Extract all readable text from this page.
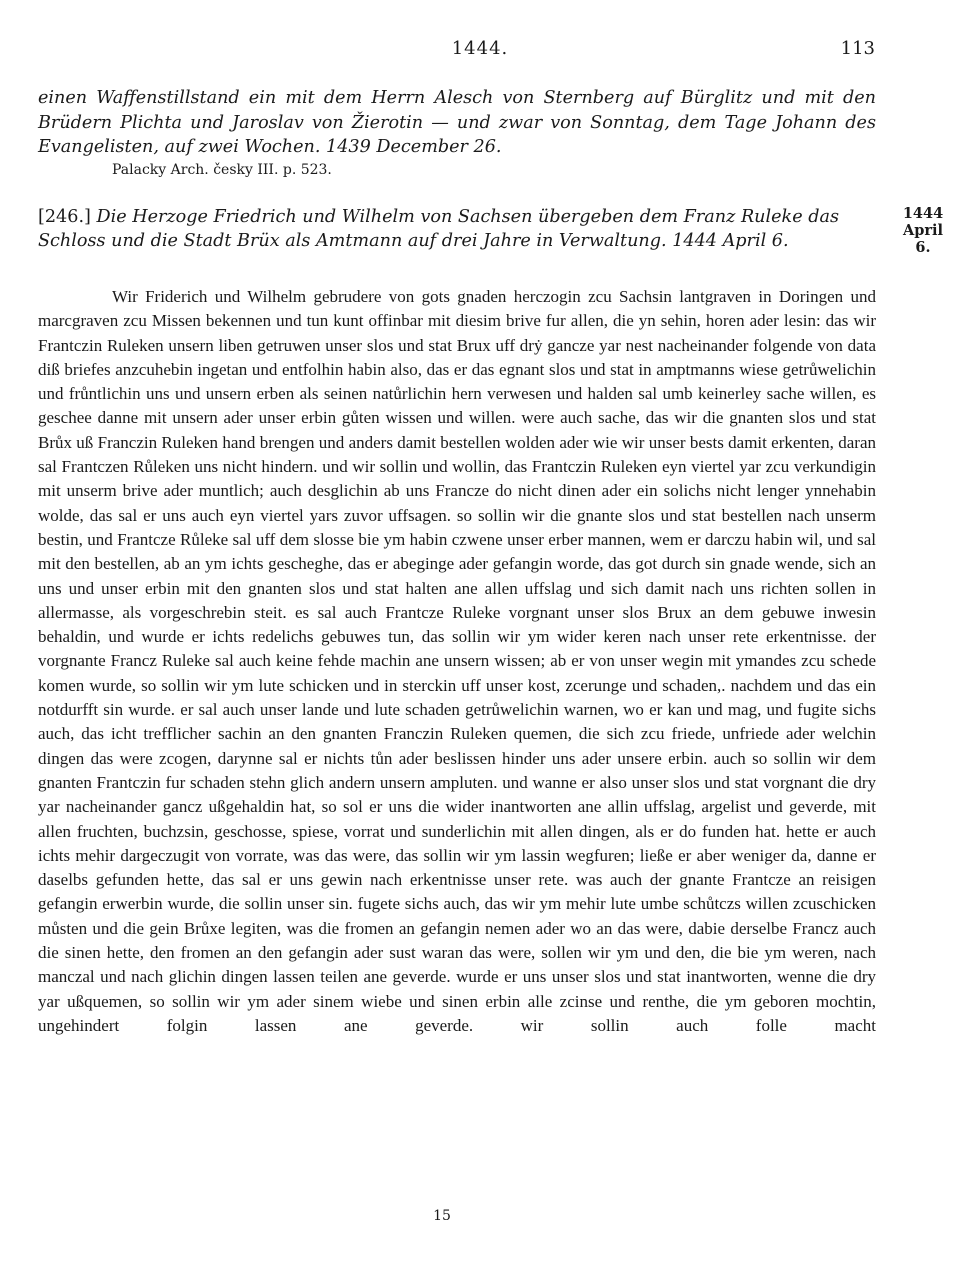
1444.	113
einen Waffenstillstand ein mit dem Herrn Alesch von Sternberg auf Bürglitz und mit den Brüdern Plichta und Jaroslav von Žierotin — und zwar von Sonntag, dem Tage Johann des Evangelisten, auf zwei Wochen. 1439 December 26.
Palacky Arch. česky III. p. 523.
[246.] Die Herzoge Friedrich und Wilhelm von Sachsen übergeben dem Franz Ruleke das Schloss und die Stadt Brüx als Amtmann auf drei Jahre in Verwaltung. 1444 April 6.
1444 April 6.

Wir Friderich und Wilhelm gebrudere von gots gnaden herczogin zcu Sachsin lantgraven in Doringen und marcgraven zcu Missen bekennen und tun kunt offinbar mit diesim brive fur allen, die yn sehin, horen ader lesin: das wir Frantczin Ruleken unsern liben getruwen unser slos und stat Brux uff drẏ gancze yar nest nacheinander folgende von data diß briefes anzcuhebin ingetan und entfolhin habin also, das er das egnant slos und stat in amptmanns wiese getrůwelichin und frůntlichin uns und unsern erben als seinen natůrlichin hern verwesen und halden sal umb keinerley sache willen, es geschee danne mit unsern ader unser erbin gůten wissen und willen. were auch sache, das wir die gnanten slos und stat Brůx uß Franczin Ruleken hand brengen und anders damit bestellen wolden ader wie wir unser bests damit erkenten, daran sal Frantczen Růleken uns nicht hindern. und wir sollin und wollin, das Frantczin Ruleken eyn viertel yar zcu verkundigin mit unserm brive ader muntlich; auch desglichin ab uns Francze do nicht dinen ader ein solichs nicht lenger ynnehabin wolde, das sal er uns auch eyn viertel yars zuvor uffsagen. so sollin wir die gnante slos und stat bestellen nach unserm bestin, und Frantcze Růleke sal uff dem slosse bie ym habin czwene unser erber mannen, wem er darczu habin wil, und sal mit den bestellen, ab an ym ichts gescheghe, das er abeginge ader gefangin worde, das got durch sin gnade wende, sich an uns und unser erbin mit den gnanten slos und stat halten ane allen uffslag und sich damit nach uns richten sollen in allermasse, als vorgeschrebin steit. es sal auch Frantcze Ruleke vorgnant unser slos Brux an dem gebuwe inwesin behaldin, und wurde er ichts redelichs gebuwes tun, das sollin wir ym wider keren nach unser rete erkentnisse. der vorgnante Francz Ruleke sal auch keine fehde machin ane unsern wissen; ab er von unser wegin mit ymandes zcu schede komen wurde, so sollin wir ym lute schicken und in sterckin uff unser kost, zcerunge und schaden,. nachdem und das ein notdurfft sin wurde. er sal auch unser lande und lute schaden getrůwelichin warnen, wo er kan und mag, und fugite sichs auch, das icht trefflicher sachin an den gnanten Franczin Ruleken quemen, die sich zcu friede, unfriede ader welchin dingen das were zcogen, darynne sal er nichts tůn ader beslissen hinder uns ader unsere erbin. auch so sollin wir dem gnanten Frantczin fur schaden stehn glich andern unsern ampluten. und wanne er also unser slos und stat vorgnant die dry yar nacheinander gancz ußgehaldin hat, so sol er uns die wider inantworten ane allin uffslag, argelist und geverde, mit allen fruchten, buchzsin, geschosse, spiese, vorrat und sunderlichin mit allen dingen, als er do funden hat. hette er auch ichts mehir dargeczugit von vorrate, was das were, das sollin wir ym lassin wegfuren; ließe er aber weniger da, danne er daselbs gefunden hette, das sal er uns gewin nach erkentnisse unser rete. was auch der gnante Frantcze an reisigen gefangin erwerbin wurde, die sollin unser sin. fugete sichs auch, das wir ym mehir lute umbe schůtczs willen zcuschicken můsten und die gein Brůxe legiten, was die fromen an gefangin nemen ader wo an das were, dabie derselbe Francz auch die sinen hette, den fromen an den gefangin ader sust waran das were, sollen wir ym und den, die bie ym weren, nach manczal und nach glichin dingen lassen teilen ane geverde. wurde er uns unser slos und stat inantworten, wenne die dry yar ußquemen, so sollin wir ym ader sinem wiebe und sinen erbin alle zcinse und renthe, die ym geboren mochtin, ungehindert folgin lassen ane geverde. wir sollin auch folle macht

15
